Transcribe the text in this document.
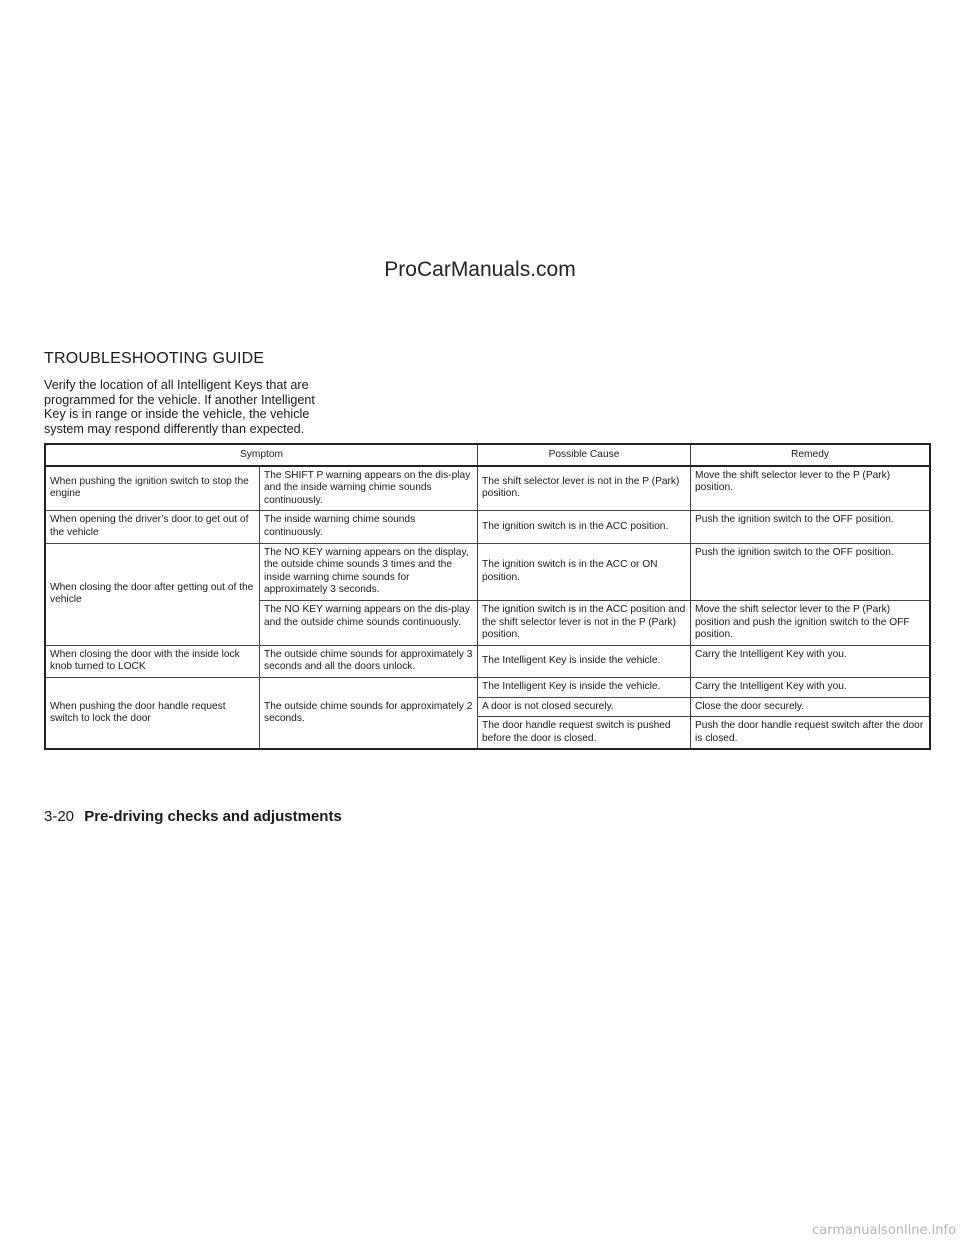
ProCarManuals.com
TROUBLESHOOTING GUIDE

Verify the location of all Intelligent Keys that are programmed for the vehicle. If another Intelligent Key is in range or inside the vehicle, the vehicle system may respond differently than expected.

Symptom		Possible Cause	Remedy
When pushing the ignition switch to stop the engine	The SHIFT P warning appears on the dis-play and the inside warning chime sounds continuously.	The shift selector lever is not in the P (Park) position.	Move the shift selector lever to the P (Park) position.
When opening the driver’s door to get out of the vehicle	The inside warning chime sounds continuously.	The ignition switch is in the ACC position.	Push the ignition switch to the OFF position.
When closing the door after getting out of the vehicle	The NO KEY warning appears on the display, the outside chime sounds 3 times and the inside warning chime sounds for approximately 3 seconds.	The ignition switch is in the ACC or ON position.	Push the ignition switch to the OFF position.
	The NO KEY warning appears on the dis-play and the outside chime sounds continuously.	The ignition switch is in the ACC position and the shift selector lever is not in the P (Park) position.	Move the shift selector lever to the P (Park) position and push the ignition switch to the OFF position.
When closing the door with the inside lock knob turned to LOCK	The outside chime sounds for approximately 3 seconds and all the doors unlock.	The Intelligent Key is inside the vehicle.	Carry the Intelligent Key with you.
When pushing the door handle request switch to lock the door	The outside chime sounds for approximately 2 seconds.	The Intelligent Key is inside the vehicle.	Carry the Intelligent Key with you.
		A door is not closed securely.	Close the door securely.
		The door handle request switch is pushed before the door is closed.	Push the door handle request switch after the door is closed.
3-20 Pre-driving checks and adjustments
carmanualsonline.info
